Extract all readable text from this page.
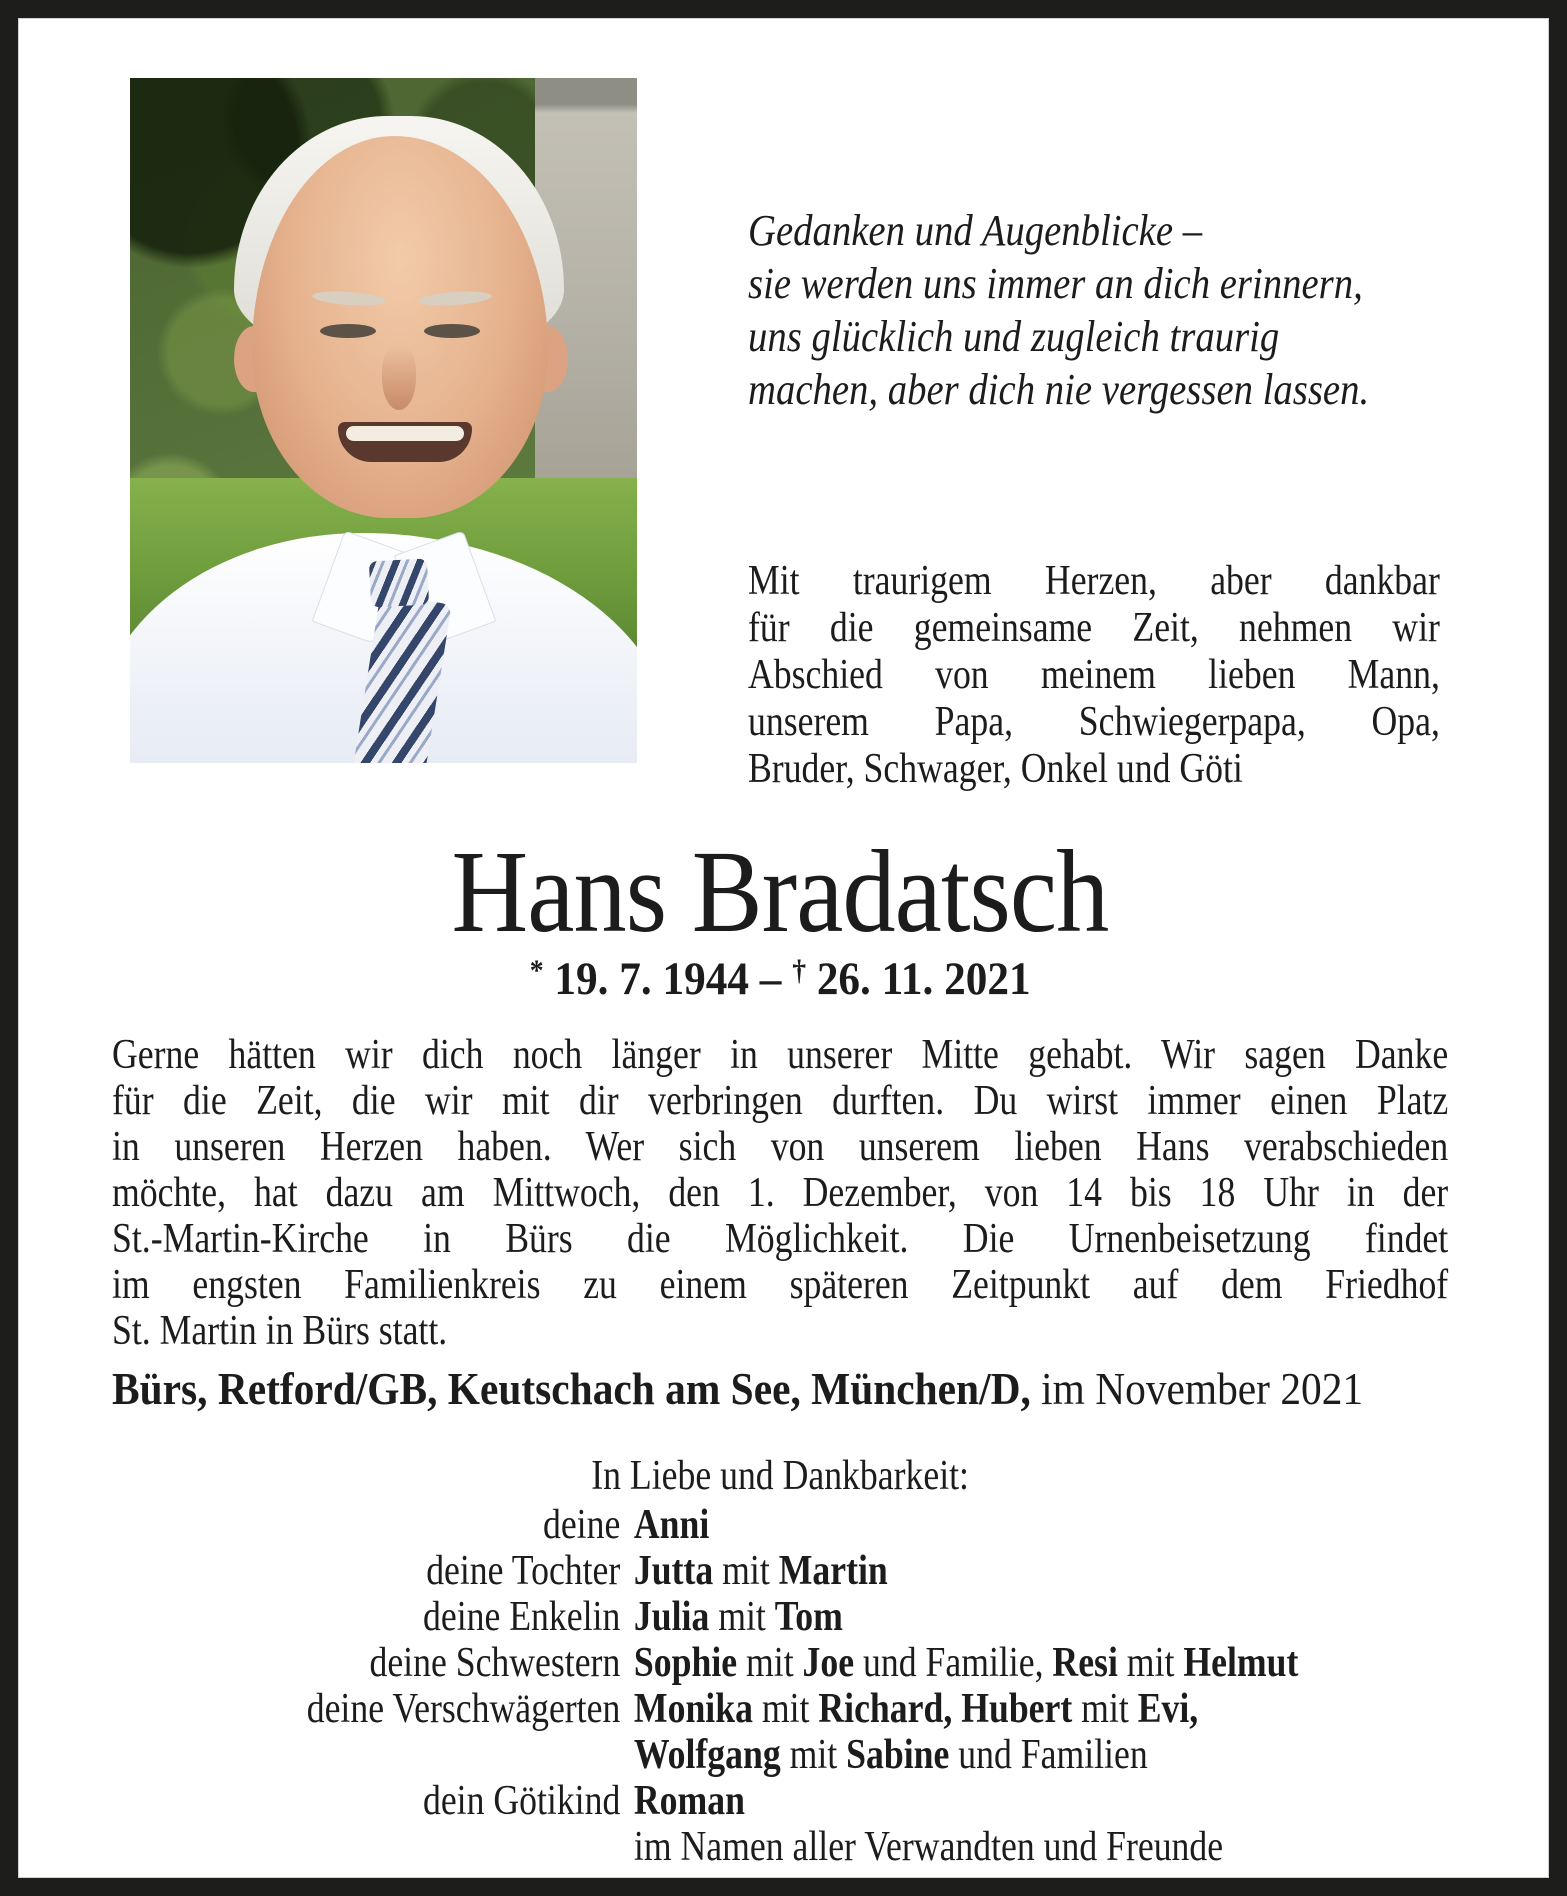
Gedanken und Augenblicke –
sie werden uns immer an dich erinnern,
uns glücklich und zugleich traurig
machen, aber dich nie vergessen lassen.
Mit traurigem Herzen, aber dankbar
für die gemeinsame Zeit, nehmen wir
Abschied von meinem lieben Mann,
unserem Papa, Schwiegerpapa, Opa,
Bruder, Schwager, Onkel und Göti
Hans Bradatsch
* 19. 7. 1944 – † 26. 11. 2021
Gerne hätten wir dich noch länger in unserer Mitte gehabt. Wir sagen Danke
für die Zeit, die wir mit dir verbringen durften. Du wirst immer einen Platz
in unseren Herzen haben. Wer sich von unserem lieben Hans verabschieden
möchte, hat dazu am Mittwoch, den 1. Dezember, von 14 bis 18 Uhr in der
St.-Martin-Kirche in Bürs die Möglichkeit. Die Urnenbeisetzung findet
im engsten Familienkreis zu einem späteren Zeitpunkt auf dem Friedhof
St. Martin in Bürs statt.
Bürs, Retford/GB, Keutschach am See, München/D, im November 2021
In Liebe und Dankbarkeit:
deine Anni
deine Tochter Jutta mit Martin
deine Enkelin Julia mit Tom
deine Schwestern Sophie mit Joe und Familie, Resi mit Helmut
deine Verschwägerten Monika mit Richard, Hubert mit Evi,
Wolfgang mit Sabine und Familien
dein Götikind Roman
im Namen aller Verwandten und Freunde
